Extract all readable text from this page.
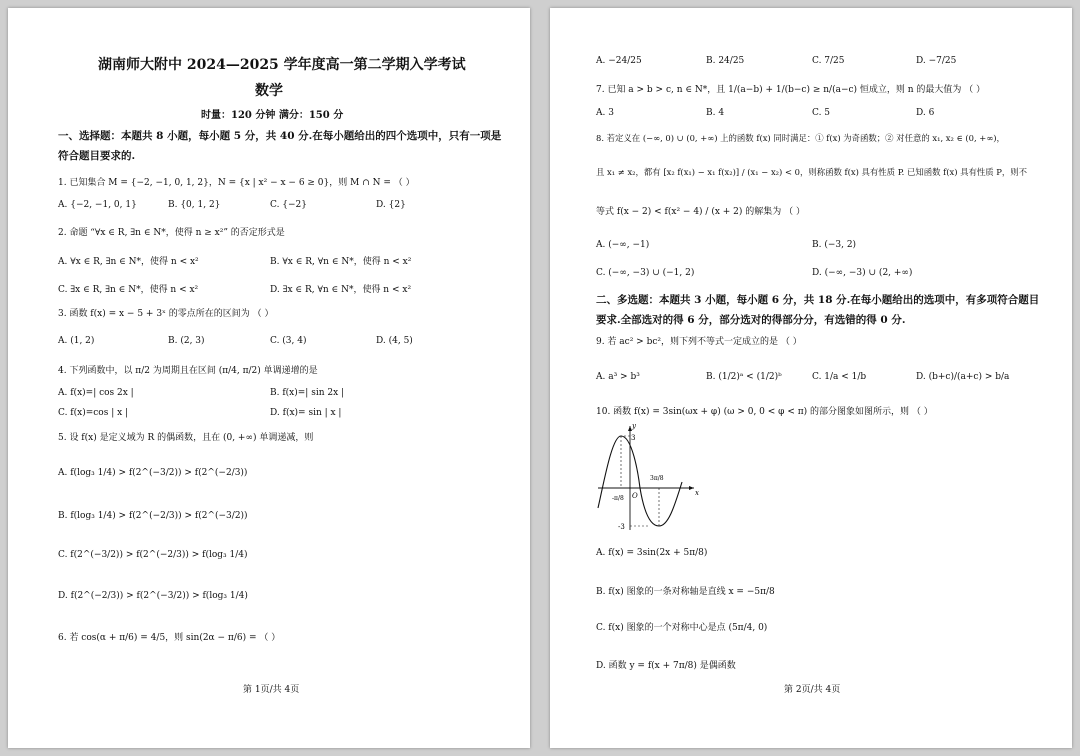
湖南师大附中 2024—2025 学年度高一第二学期入学考试
数学
时量：120 分钟 满分：150 分
一、选择题：本题共 8 小题，每小题 5 分，共 40 分.在每小题给出的四个选项中，只有一项是
符合题目要求的.
1. 已知集合 M = {−2, −1, 0, 1, 2}，N = {x | x² − x − 6 ≥ 0}，则 M ∩ N = （ ）
A. {−2, −1, 0, 1}	B. {0, 1, 2}	C. {−2}	D. {2}
2. 命题 “∀x ∈ R, ∃n ∈ N*，使得 n ≥ x²” 的否定形式是
A. ∀x ∈ R, ∃n ∈ N*，使得 n < x²	B. ∀x ∈ R, ∀n ∈ N*，使得 n < x²
C. ∃x ∈ R, ∃n ∈ N*，使得 n < x²	D. ∃x ∈ R, ∀n ∈ N*，使得 n < x²
3. 函数 f(x) = x − 5 + 3ˣ 的零点所在的区间为 （ ）
A. (1, 2)	B. (2, 3)	C. (3, 4)	D. (4, 5)
4. 下列函数中，以 π/2 为周期且在区间 (π/4, π/2) 单调递增的是
A. f(x)=| cos 2x |	B. f(x)=| sin 2x |
C. f(x)=cos | x |	D. f(x)= sin | x |
5. 设 f(x) 是定义域为 R 的偶函数，且在 (0, +∞) 单调递减，则
A. f(log₃ 1/4) > f(2^(−3/2)) > f(2^(−2/3))
B. f(log₃ 1/4) > f(2^(−2/3)) > f(2^(−3/2))
C. f(2^(−3/2)) > f(2^(−2/3)) > f(log₃ 1/4)
D. f(2^(−2/3)) > f(2^(−3/2)) > f(log₃ 1/4)
6. 若 cos(α + π/6) = 4/5，则 sin(2α − π/6) = （ ）
第 1页/共 4页
A. −24/25	B. 24/25	C. 7/25	D. −7/25
7. 已知 a > b > c, n ∈ N*，且 1/(a−b) + 1/(b−c) ≥ n/(a−c) 恒成立，则 n 的最大值为 （ ）
A. 3	B. 4	C. 5	D. 6
8. 若定义在 (−∞, 0) ∪ (0, +∞) 上的函数 f(x) 同时满足：① f(x) 为奇函数；② 对任意的 x₁, x₂ ∈ (0, +∞)，
且 x₁ ≠ x₂，都有 [x₂ f(x₁) − x₁ f(x₂)] / (x₁ − x₂) < 0，则称函数 f(x) 具有性质 P. 已知函数 f(x) 具有性质 P，则不
等式 f(x − 2) < f(x² − 4) / (x + 2) 的解集为 （ ）
A. (−∞, −1)	B. (−3, 2)
C. (−∞, −3) ∪ (−1, 2)	D. (−∞, −3) ∪ (2, +∞)
二、多选题：本题共 3 小题，每小题 6 分，共 18 分.在每小题给出的选项中，有多项符合题目
要求.全部选对的得 6 分，部分选对的得部分分，有选错的得 0 分.
9. 若 ac² > bc²，则下列不等式一定成立的是 （ ）
A. a³ > b³	B. (1/2)ᵃ < (1/2)ᵇ	C. 1/a < 1/b	D. (b+c)/(a+c) > b/a
10. 函数 f(x) = 3sin(ωx + φ) (ω > 0, 0 < φ < π) 的部分图象如图所示，则 （ ）
y
x
O
3
-3
-π/8
3π/8
A. f(x) = 3sin(2x + 5π/8)
B. f(x) 图象的一条对称轴是直线 x = −5π/8
C. f(x) 图象的一个对称中心是点 (5π/4, 0)
D. 函数 y = f(x + 7π/8) 是偶函数
第 2页/共 4页
